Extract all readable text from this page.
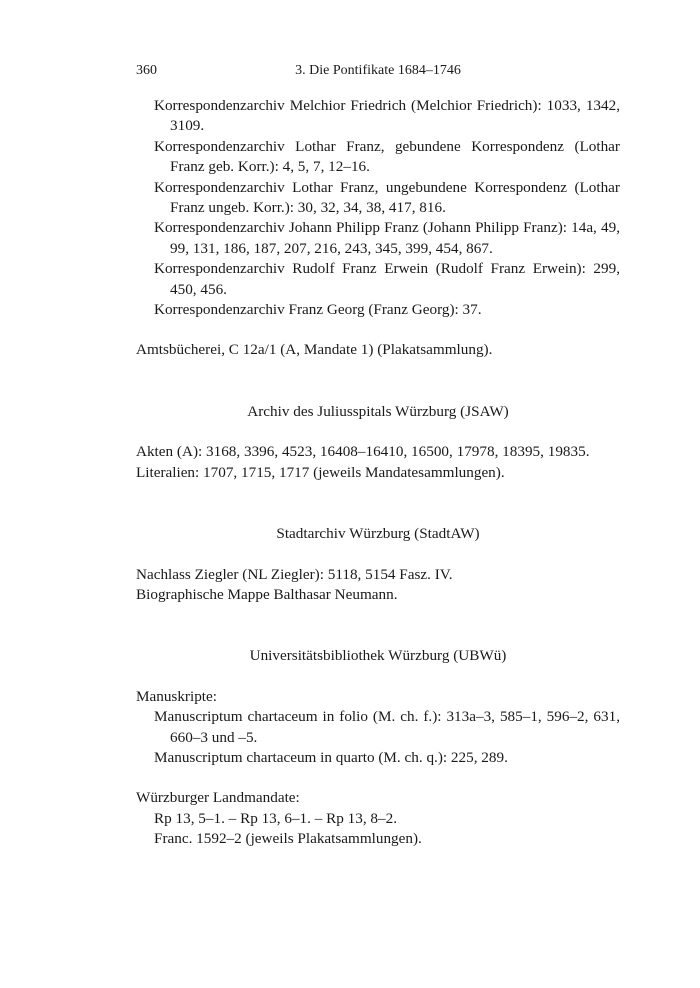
360	3. Die Pontifikate 1684–1746

Korrespondenzarchiv Melchior Friedrich (Melchior Friedrich): 1033, 1342, 3109.

Korrespondenzarchiv Lothar Franz, gebundene Korrespondenz (Lothar Franz geb. Korr.): 4, 5, 7, 12–16.

Korrespondenzarchiv Lothar Franz, ungebundene Korrespondenz (Lothar Franz ungeb. Korr.): 30, 32, 34, 38, 417, 816.

Korrespondenzarchiv Johann Philipp Franz (Johann Philipp Franz): 14a, 49, 99, 131, 186, 187, 207, 216, 243, 345, 399, 454, 867.

Korrespondenzarchiv Rudolf Franz Erwein (Rudolf Franz Erwein): 299, 450, 456.

Korrespondenzarchiv Franz Georg (Franz Georg): 37.

Amtsbücherei, C 12a/1 (A, Mandate 1) (Plakatsammlung).

Archiv des Juliusspitals Würzburg (JSAW)

Akten (A): 3168, 3396, 4523, 16408–16410, 16500, 17978, 18395, 19835.

Literalien: 1707, 1715, 1717 (jeweils Mandatesammlungen).

Stadtarchiv Würzburg (StadtAW)

Nachlass Ziegler (NL Ziegler): 5118, 5154 Fasz. IV.

Biographische Mappe Balthasar Neumann.

Universitätsbibliothek Würzburg (UBWü)

Manuskripte:

Manuscriptum chartaceum in folio (M. ch. f.): 313a–3, 585–1, 596–2, 631, 660–3 und –5.

Manuscriptum chartaceum in quarto (M. ch. q.): 225, 289.

Würzburger Landmandate:

Rp 13, 5–1. – Rp 13, 6–1. – Rp 13, 8–2.

Franc. 1592–2 (jeweils Plakatsammlungen).
